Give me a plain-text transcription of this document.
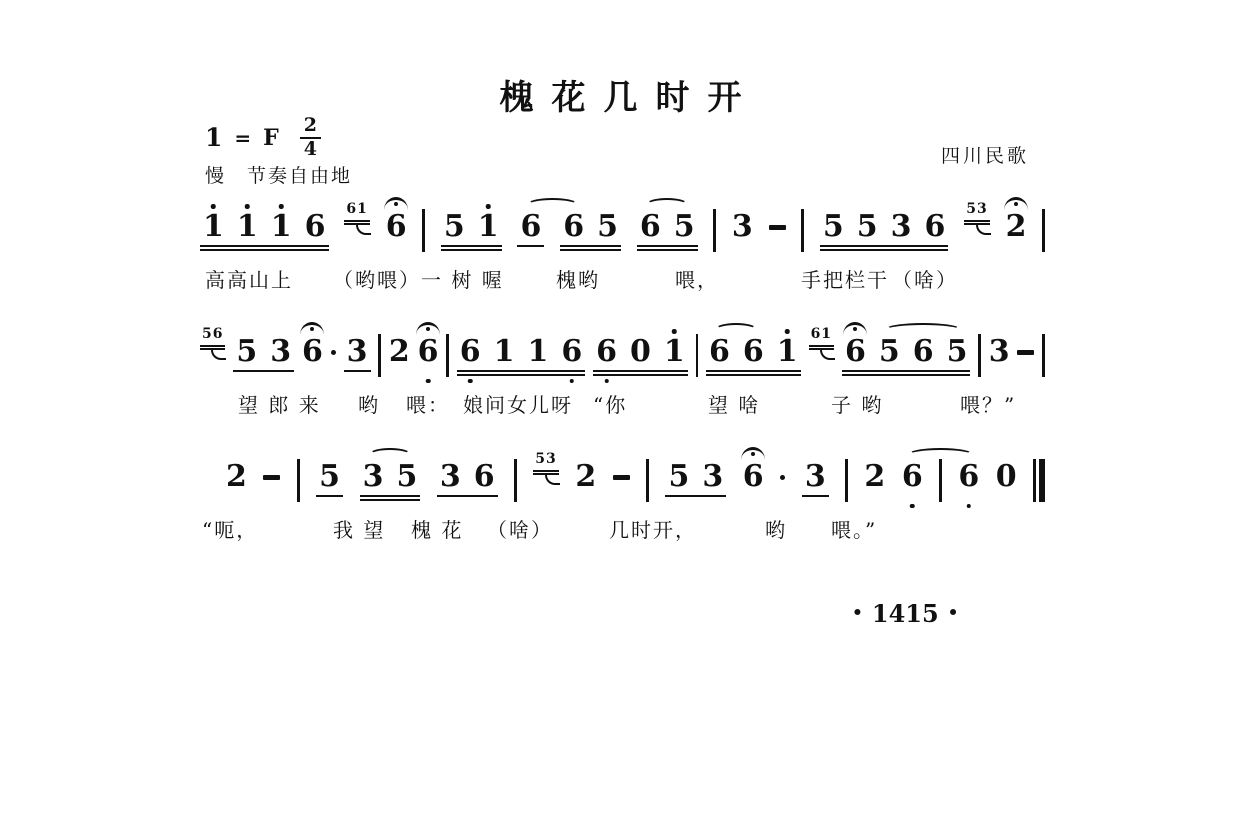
槐花几时开
1 = F $\frac{2}{4}$
慢　节奏自由地
四川民歌
1 1 1 6 61 6 5 1 6 6 5 6 5 3 5 5 3 6 53 2
高高山上 （哟喂）一 树 喔	槐哟	喂，	手把栏干 （啥）
56 5 3 6 3 2 6 6 1 1 6 6 0 1 6 6 1 61 6 5 6 5 3
望 郎 来 哟 喂： 娘问女儿呀 “你	望 啥	子 哟	喂？”
2 5 3 5 3 6	53 2 5 3 6 3 2 6 6 0
“呃，	我 望 槐 花 （啥）	几时开，	哟 喂。”
• 1415 •
